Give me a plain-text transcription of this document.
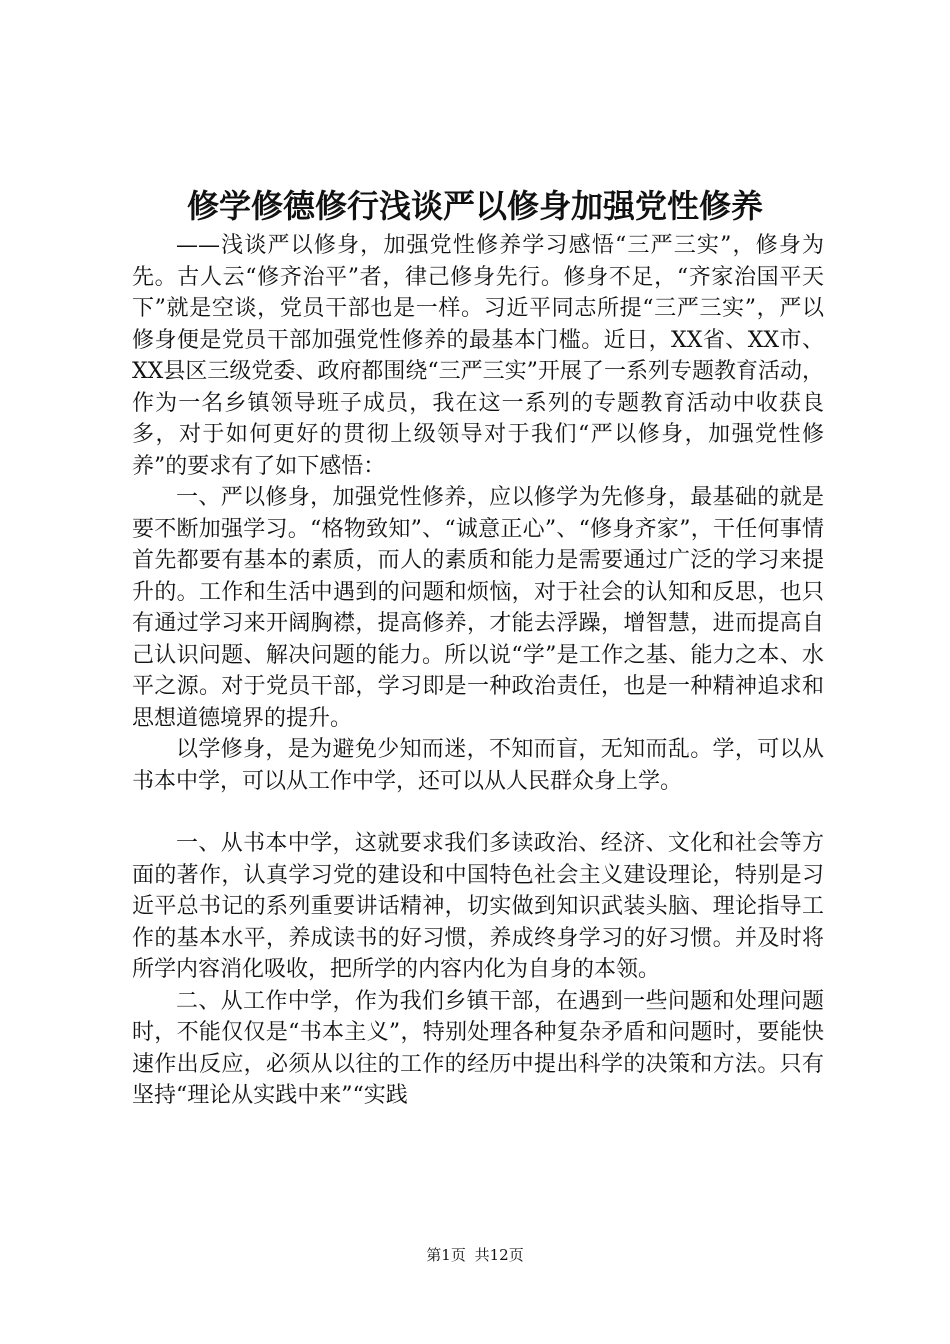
修学修德修行浅谈严以修身加强党性修养

——浅谈严以修身，加强党性修养学习感悟“三严三实”，修身为先。古人云“修齐治平”者，律己修身先行。修身不足，“齐家治国平天下”就是空谈，党员干部也是一样。习近平同志所提“三严三实”，严以修身便是党员干部加强党性修养的最基本门槛。近日，XX省、XX市、XX县区三级党委、政府都围绕“三严三实”开展了一系列专题教育活动，作为一名乡镇领导班子成员，我在这一系列的专题教育活动中收获良多，对于如何更好的贯彻上级领导对于我们“严以修身，加强党性修养”的要求有了如下感悟：

一、严以修身，加强党性修养，应以修学为先修身，最基础的就是要不断加强学习。“格物致知”、“诚意正心”、“修身齐家”，干任何事情首先都要有基本的素质，而人的素质和能力是需要通过广泛的学习来提升的。工作和生活中遇到的问题和烦恼，对于社会的认知和反思，也只有通过学习来开阔胸襟，提高修养，才能去浮躁，增智慧，进而提高自己认识问题、解决问题的能力。所以说“学”是工作之基、能力之本、水平之源。对于党员干部，学习即是一种政治责任，也是一种精神追求和思想道德境界的提升。

以学修身，是为避免少知而迷，不知而盲，无知而乱。学，可以从书本中学，可以从工作中学，还可以从人民群众身上学。

一、从书本中学，这就要求我们多读政治、经济、文化和社会等方面的著作，认真学习党的建设和中国特色社会主义建设理论，特别是习近平总书记的系列重要讲话精神，切实做到知识武装头脑、理论指导工作的基本水平，养成读书的好习惯，养成终身学习的好习惯。并及时将所学内容消化吸收，把所学的内容内化为自身的本领。

二、从工作中学，作为我们乡镇干部，在遇到一些问题和处理问题时，不能仅仅是“书本主义”，特别处理各种复杂矛盾和问题时，要能快速作出反应，必须从以往的工作的经历中提出科学的决策和方法。只有坚持“理论从实践中来”“实践

第1页 共12页
